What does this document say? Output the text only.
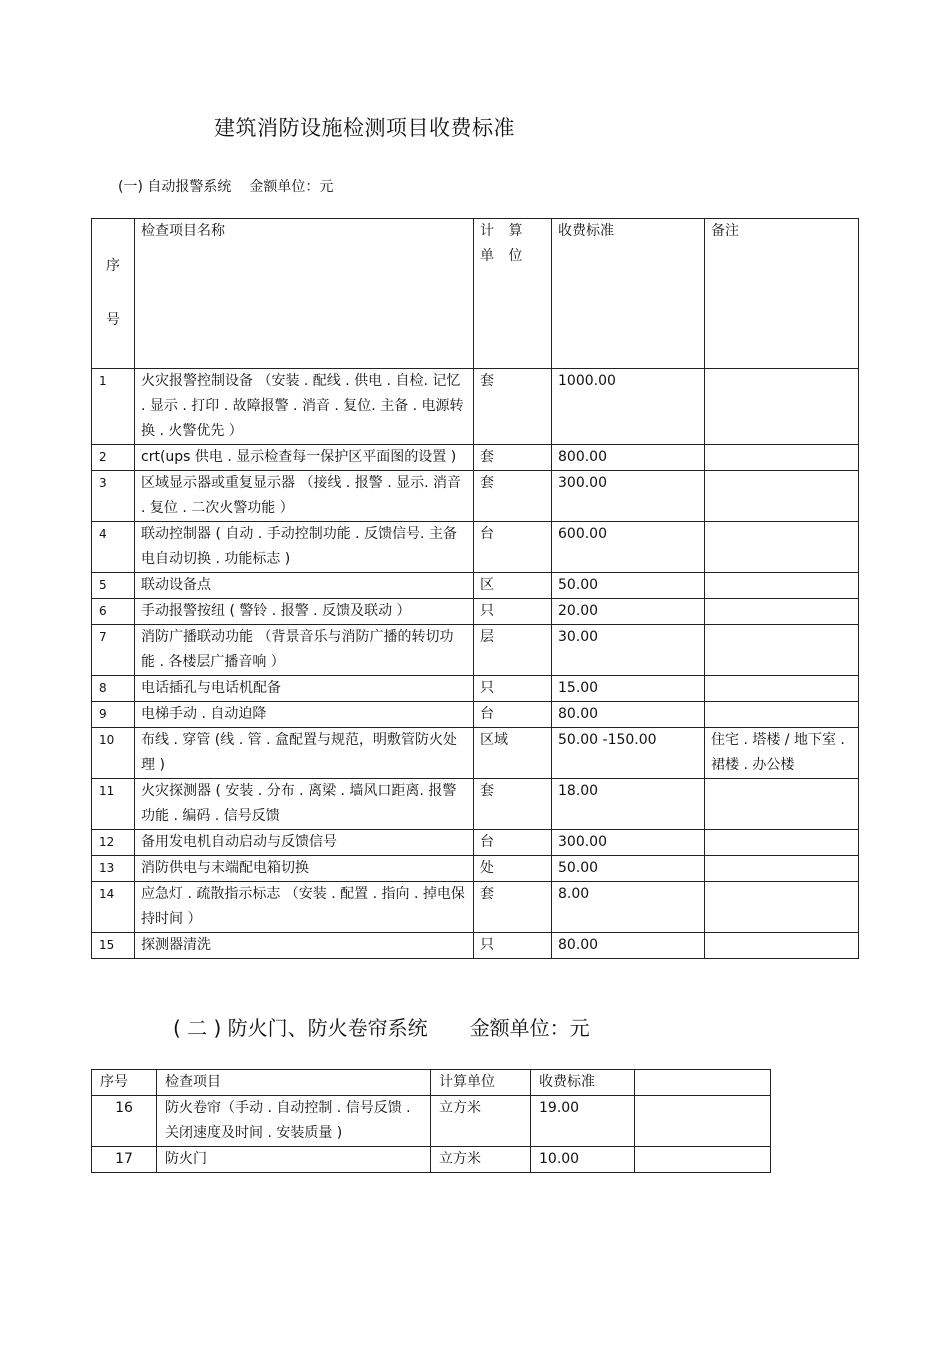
建筑消防设施检测项目收费标准
(一) 自动报警系统 金额单位：元
序
号	检查项目名称	计 算 单 位	收费标准	备注
1	火灾报警控制设备 （安装 . 配线 . 供电 . 自检. 记忆 . 显示 . 打印 . 故障报警 . 消音 . 复位. 主备 . 电源转换 . 火警优先 ）	套	1000.00	
2	crt(ups 供电 . 显示检查每一保护区平面图的设置 )	套	800.00	
3	区域显示器或重复显示器 （接线 . 报警 . 显示. 消音 . 复位 . 二次火警功能 ）	套	300.00	
4	联动控制器 ( 自动 . 手动控制功能 . 反馈信号. 主备电自动切换 . 功能标志 )	台	600.00	
5	联动设备点	区	50.00	
6	手动报警按纽 ( 警铃 . 报警 . 反馈及联动 ）	只	20.00	
7	消防广播联动功能 （背景音乐与消防广播的转切功能 . 各楼层广播音响 ）	层	30.00	
8	电话插孔与电话机配备	只	15.00	
9	电梯手动 . 自动迫降	台	80.00	
10	布线 . 穿管 (线 . 管 . 盒配置与规范，明敷管防火处理 )	区域	50.00 -150.00	住宅 . 塔楼 / 地下室 . 裙楼 . 办公楼
11	火灾探测器 ( 安装 . 分布 . 离梁 . 墙风口距离. 报警功能 . 编码 . 信号反馈	套	18.00	
12	备用发电机自动启动与反馈信号	台	300.00	
13	消防供电与末端配电箱切换	处	50.00	
14	应急灯 . 疏散指示标志 （安装 . 配置 . 指向 . 掉电保持时间 ）	套	8.00	
15	探测器清洗	只	80.00	
( 二 ) 防火门、防火卷帘系统 金额单位：元
序号	检查项目	计算单位	收费标准	
16	防火卷帘（手动 . 自动控制 . 信号反馈 . 关闭速度及时间 . 安装质量 )	立方米	19.00	
17	防火门	立方米	10.00	
